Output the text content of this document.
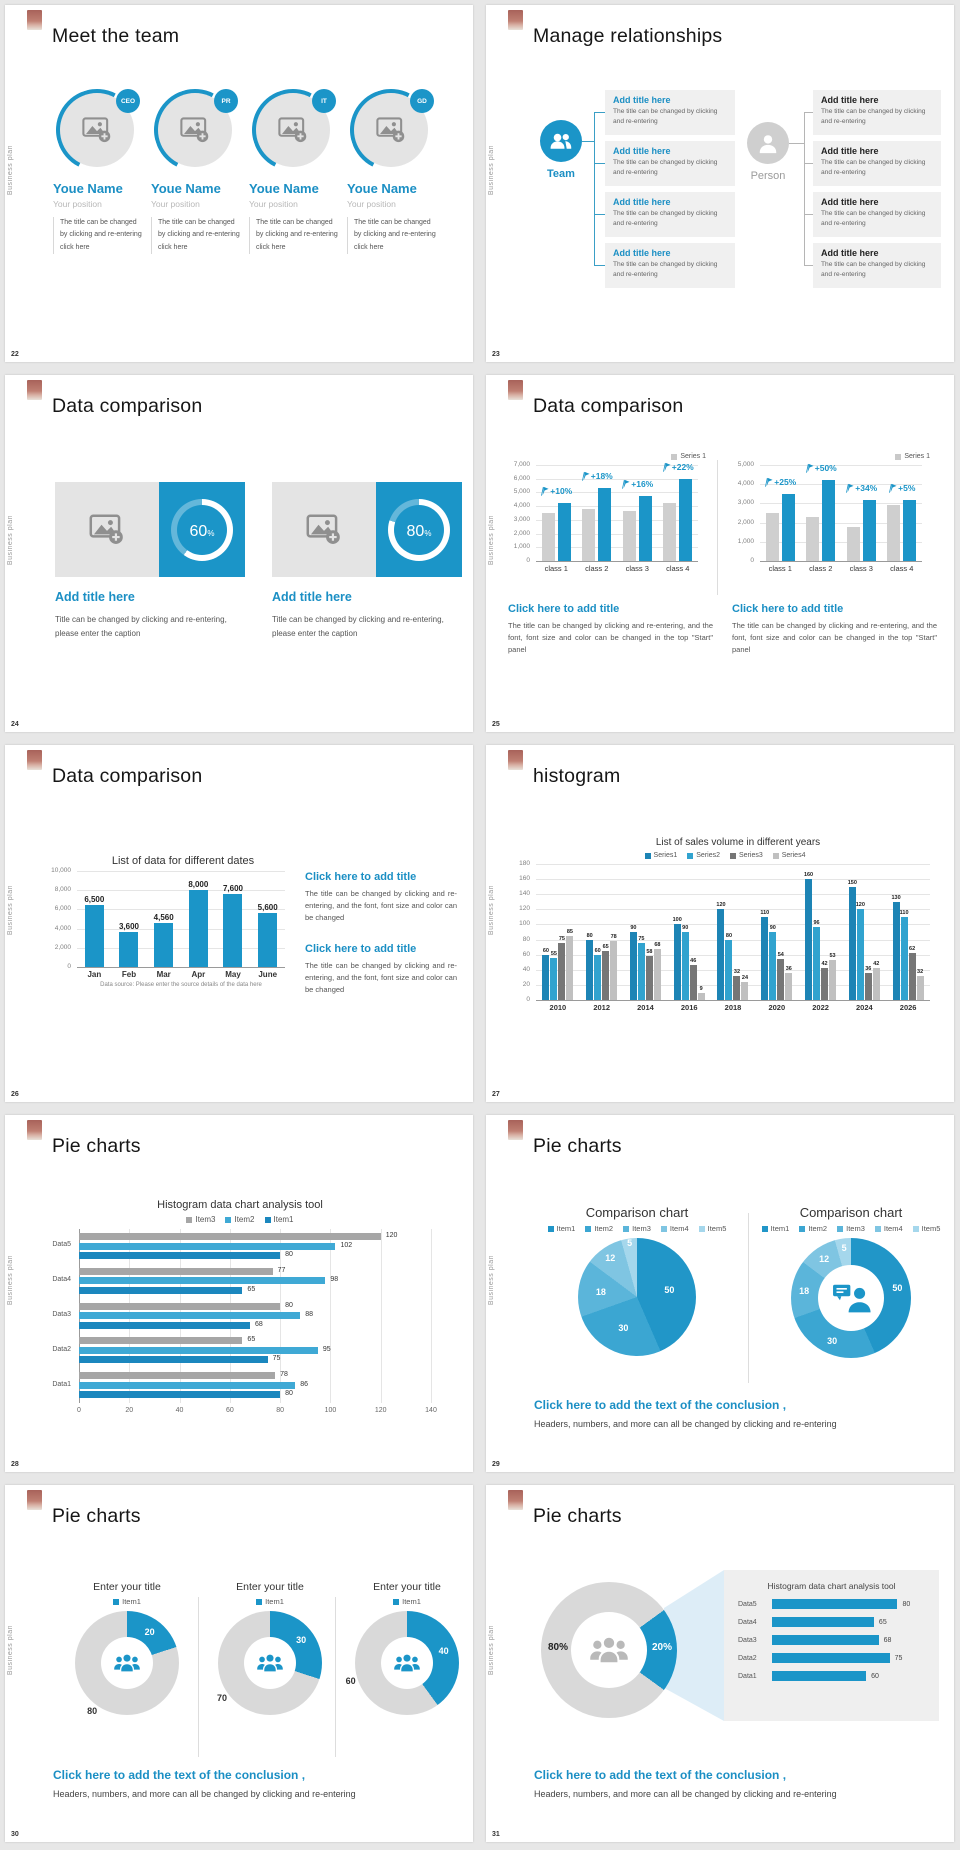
Business plan
Meet the team
CEO
Youe Name
Your position
The title can be changed by clicking and re-entering click here
PR
Youe Name
Your position
The title can be changed by clicking and re-entering click here
IT
Youe Name
Your position
The title can be changed by clicking and re-entering click here
GD
Youe Name
Your position
The title can be changed by clicking and re-entering click here
22
Business plan
Manage relationships
Team
Add title here
The title can be changed by clicking and re-entering
Add title here
The title can be changed by clicking and re-entering
Add title here
The title can be changed by clicking and re-entering
Add title here
The title can be changed by clicking and re-entering
Person
Add title here
The title can be changed by clicking and re-entering
Add title here
The title can be changed by clicking and re-entering
Add title here
The title can be changed by clicking and re-entering
Add title here
The title can be changed by clicking and re-entering
23
Business plan
Data comparison
60 %
Add title here
Title can be changed by clicking and re-entering, please enter the caption
80 %
Add title here
Title can be changed by clicking and re-entering, please enter the caption
24
Business plan
Data comparison
Series 1
7,000
6,000
5,000
4,000
3,000
2,000
1,000
0
+10%
+18%
+16%
+22%
class 1	class 2	class 3	class 4
Series 1
5,000
4,000
3,000
2,000
1,000
0
+25%
+50%
+34% +5%
class 1	class 2	class 3	class 4
Click here to add title
The title can be changed by clicking and re-entering, and the font, font size and color can be changed in the top "Start" panel
Click here to add title
The title can be changed by clicking and re-entering, and the font, font size and color can be changed in the top "Start" panel
25
Business plan
Data comparison
List of data for different dates
10,000
8,000
6,000
4,000
2,000
0
6,500
3,600
4,560
8,000 7,600
5,600
Jan	Feb	Mar	Apr	May	June
Data source: Please enter the source details of the data here
Click here to add title
The title can be changed by clicking and re-entering, and the font, font size and color can be changed
Click here to add title
The title can be changed by clicking and re-entering, and the font, font size and color can be changed
26
Business plan
histogram
List of sales volume in different years
Series1	Series2	Series3	Series4
180
160
140
120
100
80
60
40
20
0
60
55
75
85
80
60
65
78
90
75
58
68
100
90
46
9
120
80
32
24
110
90
54
36
160
96
42
53
150
120
36
42
130
110
62
32
2010	2012	2014	2016	2018	2020	2022	2024	2026
27
Business plan
Pie charts
Histogram data chart analysis tool
Item3 Item2 Item1
0	20	40	60	80	100	120	140
Data5
120
102
80
Data4
77
98
65
Data3
80
88
68
Data2
65
95
75
Data1
78
86
80
28
Business plan
Pie charts
Comparison chart
Item1	Item2	Item3	Item4	Item5
50
30
18
12
5
Comparison chart
Item1	Item2	Item3	Item4	Item5
50
30
18
12
5
Click here to add the text of the conclusion ,
Headers, numbers, and more can all be changed by clicking and re-entering
29
Business plan
Pie charts
Enter your title
Item1
20
80
Enter your title
Item1
30
70
Enter your title
Item1
40
60
Click here to add the text of the conclusion ,
Headers, numbers, and more can all be changed by clicking and re-entering
30
Business plan
Pie charts
Histogram data chart analysis tool
Data5	80
Data4	65
Data3	68
Data2	75
Data1	60
80%	20%
Click here to add the text of the conclusion ,
Headers, numbers, and more can all be changed by clicking and re-entering
31
